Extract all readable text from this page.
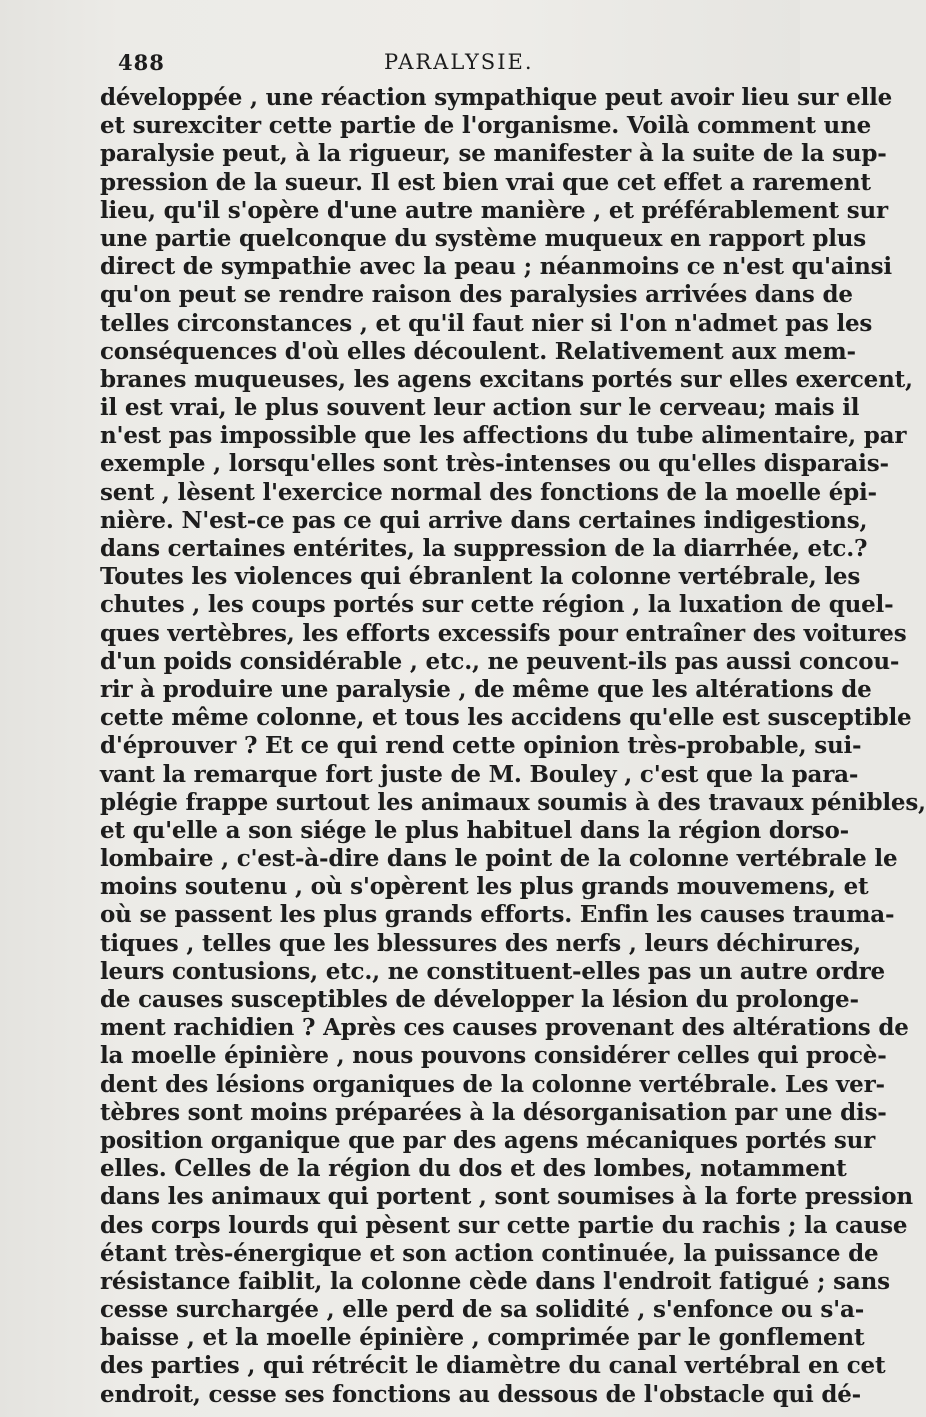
488	PARALYSIE.
développée , une réaction sympathique peut avoir lieu sur elle
et surexciter cette partie de l'organisme. Voilà comment une
paralysie peut, à la rigueur, se manifester à la suite de la sup-
pression de la sueur. Il est bien vrai que cet effet a rarement
lieu, qu'il s'opère d'une autre manière , et préférablement sur
une partie quelconque du système muqueux en rapport plus
direct de sympathie avec la peau ; néanmoins ce n'est qu'ainsi
qu'on peut se rendre raison des paralysies arrivées dans de
telles circonstances , et qu'il faut nier si l'on n'admet pas les
conséquences d'où elles découlent. Relativement aux mem-
branes muqueuses, les agens excitans portés sur elles exercent,
il est vrai, le plus souvent leur action sur le cerveau; mais il
n'est pas impossible que les affections du tube alimentaire, par
exemple , lorsqu'elles sont très-intenses ou qu'elles disparais-
sent , lèsent l'exercice normal des fonctions de la moelle épi-
nière. N'est-ce pas ce qui arrive dans certaines indigestions,
dans certaines entérites, la suppression de la diarrhée, etc.?
Toutes les violences qui ébranlent la colonne vertébrale, les
chutes , les coups portés sur cette région , la luxation de quel-
ques vertèbres, les efforts excessifs pour entraîner des voitures
d'un poids considérable , etc., ne peuvent-ils pas aussi concou-
rir à produire une paralysie , de même que les altérations de
cette même colonne, et tous les accidens qu'elle est susceptible
d'éprouver ? Et ce qui rend cette opinion très-probable, sui-
vant la remarque fort juste de M. Bouley , c'est que la para-
plégie frappe surtout les animaux soumis à des travaux pénibles,
et qu'elle a son siége le plus habituel dans la région dorso-
lombaire , c'est-à-dire dans le point de la colonne vertébrale le
moins soutenu , où s'opèrent les plus grands mouvemens, et
où se passent les plus grands efforts. Enfin les causes trauma-
tiques , telles que les blessures des nerfs , leurs déchirures,
leurs contusions, etc., ne constituent-elles pas un autre ordre
de causes susceptibles de développer la lésion du prolonge-
ment rachidien ? Après ces causes provenant des altérations de
la moelle épinière , nous pouvons considérer celles qui procè-
dent des lésions organiques de la colonne vertébrale. Les ver-
tèbres sont moins préparées à la désorganisation par une dis-
position organique que par des agens mécaniques portés sur
elles. Celles de la région du dos et des lombes, notamment
dans les animaux qui portent , sont soumises à la forte pression
des corps lourds qui pèsent sur cette partie du rachis ; la cause
étant très-énergique et son action continuée, la puissance de
résistance faiblit, la colonne cède dans l'endroit fatigué ; sans
cesse surchargée , elle perd de sa solidité , s'enfonce ou s'a-
baisse , et la moelle épinière , comprimée par le gonflement
des parties , qui rétrécit le diamètre du canal vertébral en cet
endroit, cesse ses fonctions au dessous de l'obstacle qui dé-
